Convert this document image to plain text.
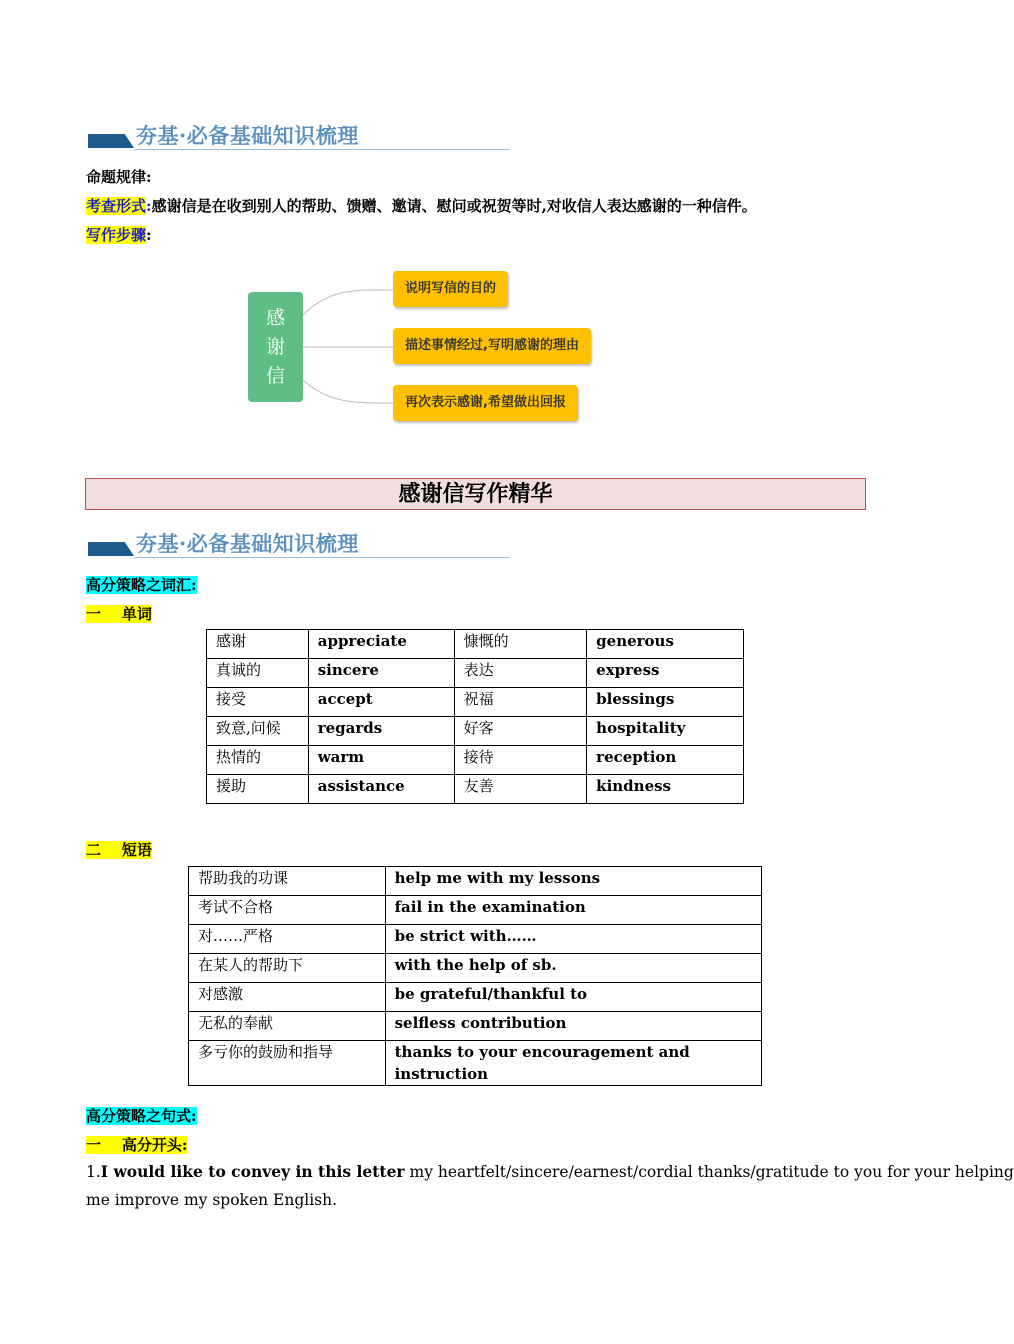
夯基·必备基础知识梳理
命题规律:
考查形式:感谢信是在收到别人的帮助、馈赠、邀请、慰问或祝贺等时,对收信人表达感谢的一种信件。
写作步骤:
感
谢
信
说明写信的目的
描述事情经过,写明感谢的理由
再次表示感谢,希望做出回报
感谢信写作精华
夯基·必备基础知识梳理
高分策略之词汇:
一    单词
感谢	appreciate	慷慨的	generous
真诚的	sincere	表达	express
接受	accept	祝福	blessings
致意,问候	regards	好客	hospitality
热情的	warm	接待	reception
援助	assistance	友善	kindness
二    短语
帮助我的功课	help me with my lessons
考试不合格	fail in the examination
对……严格	be strict with……
在某人的帮助下	with the help of sb.
对感激	be grateful/thankful to
无私的奉献	selfless contribution
多亏你的鼓励和指导	thanks to your encouragement and instruction
高分策略之句式:
一    高分开头:
1.I would like to convey in this letter my heartfelt/sincere/earnest/cordial thanks/gratitude to you for your helping
me improve my spoken English.
